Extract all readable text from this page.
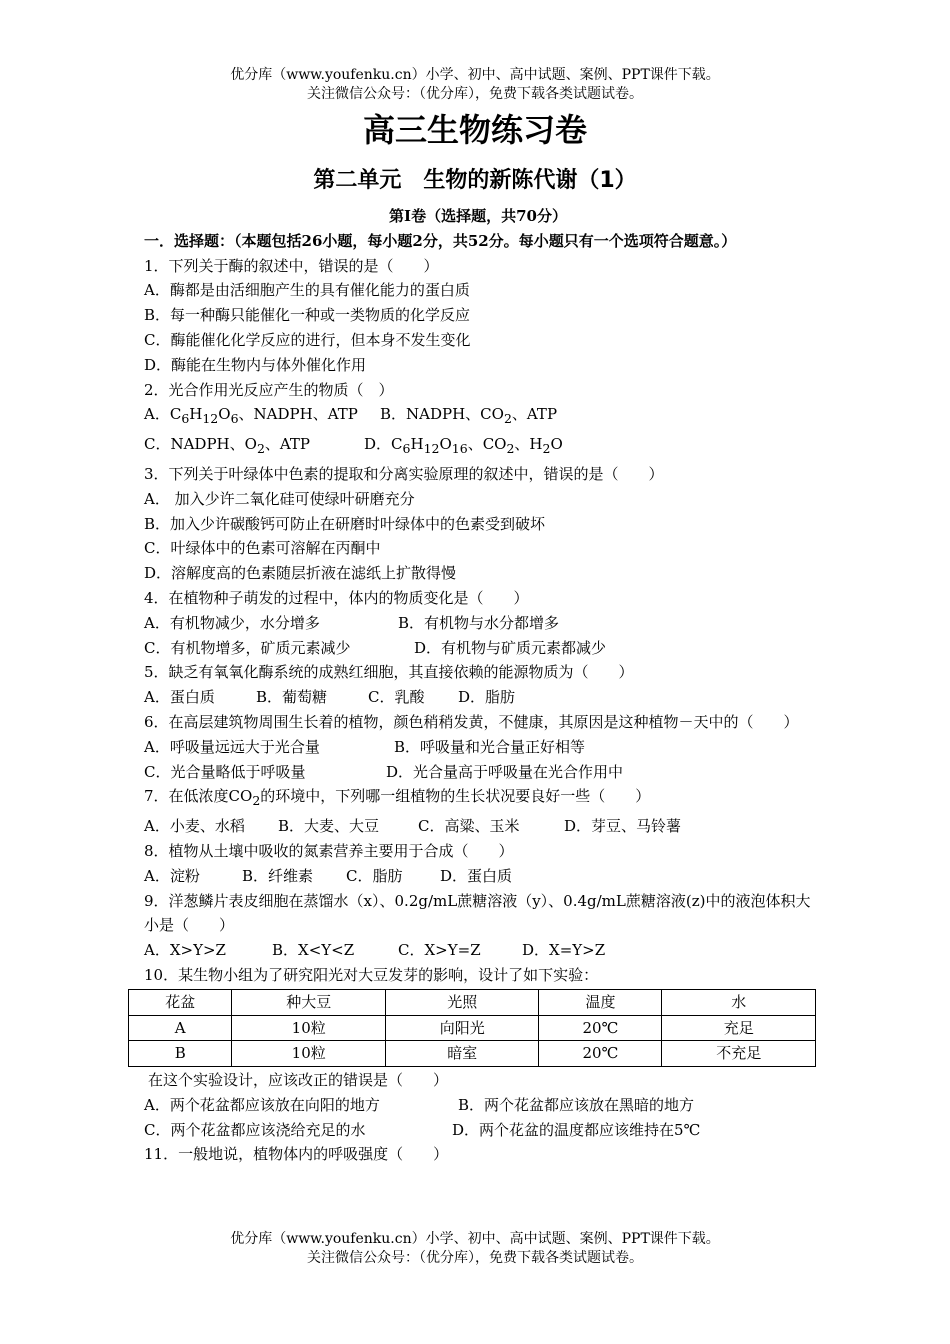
优分库（www.youfenku.cn）小学、初中、高中试题、案例、PPT课件下载。
关注微信公众号：（优分库），免费下载各类试题试卷。
高三生物练习卷
第二单元　生物的新陈代谢（1）

第Ⅰ卷（选择题，共70分）

一．选择题：（本题包括26小题，每小题2分，共52分。每小题只有一个选项符合题意。）

1．下列关于酶的叙述中，错误的是（　　）

A．酶都是由活细胞产生的具有催化能力的蛋白质

B．每一种酶只能催化一种或一类物质的化学反应

C．酶能催化化学反应的进行，但本身不发生变化

D．酶能在生物内与体外催化作用

2．光合作用光反应产生的物质（　）

A．$C_6H_{12}O_6$、NADPH、ATP B．NADPH、$CO_2$、ATP

C．NADPH、$O_2$、ATP	D．$C_6H_{12}O_{16}$、$CO_2$、$H_2O$

3．下列关于叶绿体中色素的提取和分离实验原理的叙述中，错误的是（　　）

A． 加入少许二氧化硅可使绿叶研磨充分

B．加入少许碳酸钙可防止在研磨时叶绿体中的色素受到破坏

C．叶绿体中的色素可溶解在丙酮中

D．溶解度高的色素随层折液在滤纸上扩散得慢

4．在植物种子萌发的过程中，体内的物质变化是（　　）

A．有机物减少，水分增多	B．有机物与水分都增多

C．有机物增多，矿质元素减少	D．有机物与矿质元素都减少

5．缺乏有氧氧化酶系统的成熟红细胞，其直接依赖的能源物质为（　　）

A．蛋白质	B．葡萄糖	C．乳酸 D．脂肪

6．在高层建筑物周围生长着的植物，颜色稍稍发黄，不健康，其原因是这种植物－天中的（　　）

A．呼吸量远远大于光合量	B．呼吸量和光合量正好相等

C．光合量略低于呼吸量	D．光合量高于呼吸量在光合作用中

7．在低浓度$CO_2$的环境中，下列哪一组植物的生长状况要良好一些（　　）

A．小麦、水稻 B．大麦、大豆	C．高粱、玉米	D．芽豆、马铃薯

8．植物从土壤中吸收的氮素营养主要用于合成（　　）

A．淀粉	B．纤维素 C．脂肪	D．蛋白质

9．洋葱鳞片表皮细胞在蒸馏水（x）、0.2g/mL蔗糖溶液（y）、0.4g/mL蔗糖溶液(z)中的液泡体积大小是（　　）

A．X>Y>Z	B．X<Y<Z	C．X>Y=Z	D．X=Y>Z

10．某生物小组为了研究阳光对大豆发芽的影响，设计了如下实验：

花盆	种大豆	光照	温度	水
A	10粒	向阳光	20℃	充足
B	10粒	暗室	20℃	不充足

在这个实验设计，应该改正的错误是（　　）

A．两个花盆都应该放在向阳的地方	B．两个花盆都应该放在黑暗的地方

C．两个花盆都应该浇给充足的水	D．两个花盆的温度都应该维持在5℃

11．一般地说，植物体内的呼吸强度（　　）

优分库（www.youfenku.cn）小学、初中、高中试题、案例、PPT课件下载。
关注微信公众号：（优分库），免费下载各类试题试卷。
